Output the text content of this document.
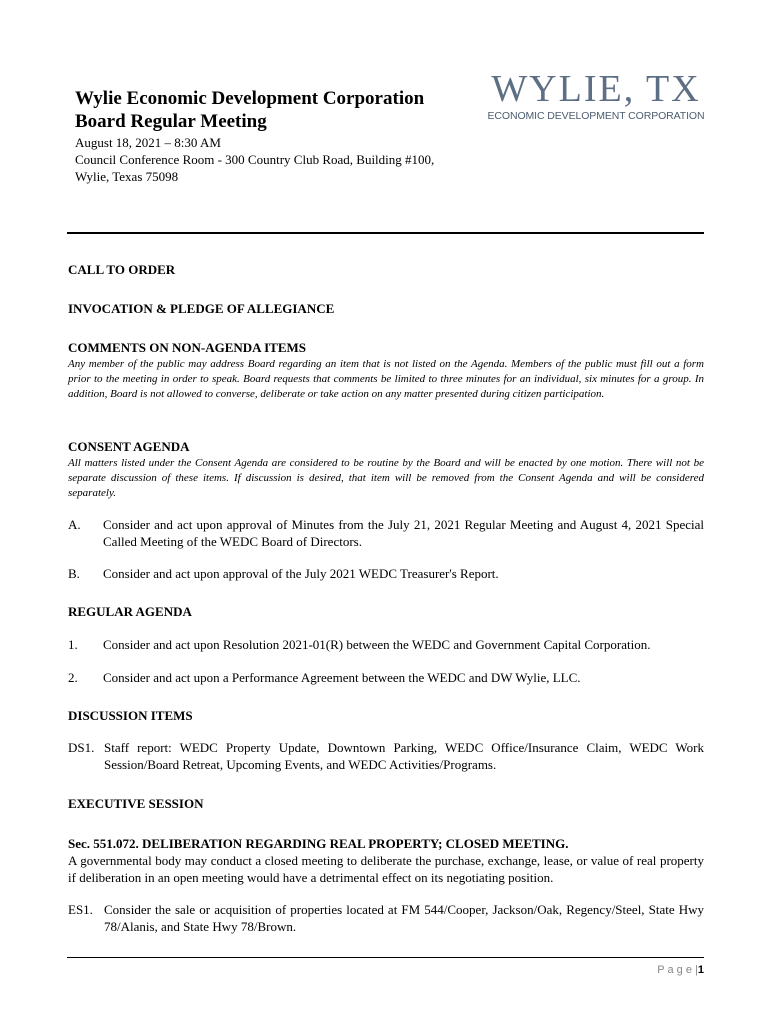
Wylie Economic Development Corporation
Board Regular Meeting
August 18, 2021 – 8:30 AM
Council Conference Room - 300 Country Club Road, Building #100,
Wylie, Texas 75098
WYLIE, TX
ECONOMIC DEVELOPMENT CORPORATION
CALL TO ORDER
INVOCATION & PLEDGE OF ALLEGIANCE
COMMENTS ON NON-AGENDA ITEMS
Any member of the public may address Board regarding an item that is not listed on the Agenda. Members of the public must fill out a form prior to the meeting in order to speak. Board requests that comments be limited to three minutes for an individual, six minutes for a group. In addition, Board is not allowed to converse, deliberate or take action on any matter presented during citizen participation.
CONSENT AGENDA
All matters listed under the Consent Agenda are considered to be routine by the Board and will be enacted by one motion. There will not be separate discussion of these items. If discussion is desired, that item will be removed from the Consent Agenda and will be considered separately.
A. Consider and act upon approval of Minutes from the July 21, 2021 Regular Meeting and August 4, 2021 Special Called Meeting of the WEDC Board of Directors.
B. Consider and act upon approval of the July 2021 WEDC Treasurer's Report.
REGULAR AGENDA
1. Consider and act upon Resolution 2021-01(R) between the WEDC and Government Capital Corporation.
2. Consider and act upon a Performance Agreement between the WEDC and DW Wylie, LLC.
DISCUSSION ITEMS
DS1. Staff report: WEDC Property Update, Downtown Parking, WEDC Office/Insurance Claim, WEDC Work Session/Board Retreat, Upcoming Events, and WEDC Activities/Programs.
EXECUTIVE SESSION
Sec. 551.072. DELIBERATION REGARDING REAL PROPERTY; CLOSED MEETING.
A governmental body may conduct a closed meeting to deliberate the purchase, exchange, lease, or value of real property if deliberation in an open meeting would have a detrimental effect on its negotiating position.
ES1. Consider the sale or acquisition of properties located at FM 544/Cooper, Jackson/Oak, Regency/Steel, State Hwy 78/Alanis, and State Hwy 78/Brown.
P a g e |1
